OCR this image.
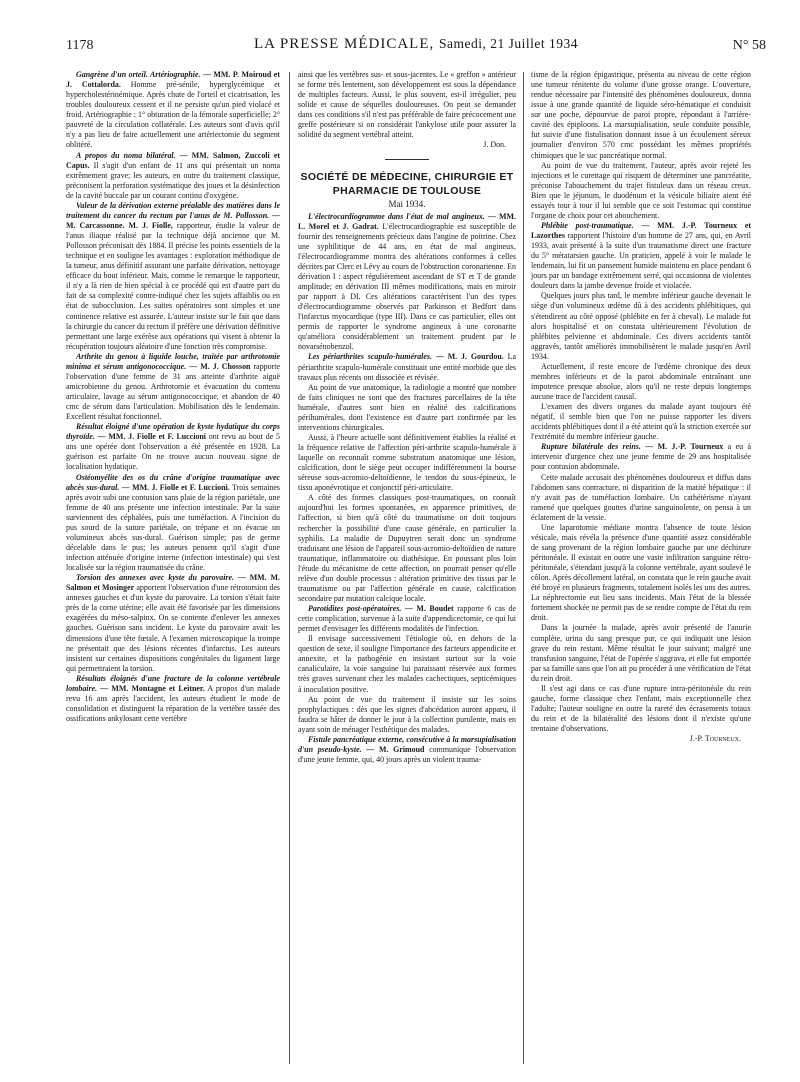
1178	LA PRESSE MÉDICALE, Samedi, 21 Juillet 1934	N° 58

Gangrène d'un orteil. Artériographie. — MM. P. Moiroud et J. Cottalorda. Homme pré-sénile, hyperglycémique et hypercholestérinémique. Après chute de l'orteil et cicatrisation, les troubles douloureux cessent et il ne persiste qu'un pied violacé et froid. Artériographie : 1° obturation de la fémorale superficielle; 2° pauvreté de la circulation collatérale. Les auteurs sont d'avis qu'il n'y a pas lieu de faire actuellement une artériectomie du segment oblitéré.

A propos du noma bilatéral. — MM. Salmon, Zuccoli et Capus. Il s'agit d'un enfant de 11 ans qui présentait un noma extrêmement grave; les auteurs, en outre du traitement classique, préconisent la perforation systématique des joues et la désinfection de la cavité buccale par un courant continu d'oxygène.

Valeur de la dérivation externe préalable des matières dans le traitement du cancer du rectum par l'anus de M. Pollosson. — M. Carcassonne. M. J. Fiolle, rapporteur, étudie la valeur de l'anus iliaque réalisé par la technique déjà ancienne que M. Pollosson préconisait dès 1884. Il précise les points essentiels de la technique et en souligne les avantages : exploration méthodique de la tumeur, anus définitif assurant une parfaite dérivation, nettoyage efficace du bout inférieur. Mais, comme le remarque le rapporteur, il n'y a là rien de bien spécial à ce procédé qui est d'autre part du fait de sa complexité contre-indiqué chez les sujets affaiblis ou en état de subocclusion. Les suites opératoires sont simples et une continence relative est assurée. L'auteur insiste sur le fait que dans la chirurgie du cancer du rectum il préfère une dérivation définitive permettant une large exérèse aux opérations qui visent à obtenir la récupération toujours aléatoire d'une fonction très compromise.

Arthrite du genou à liquide louche, traitée par arthrotomie minima et sérum antigonococcique. — M. J. Chosson rapporte l'observation d'une femme de 31 ans atteinte d'arthrite aiguë amicrobienne du genou. Arthrotomie et évacuation du contenu articulaire, lavage au sérum antigonococcique, et abandon de 40 cmc de sérum dans l'articulation. Mobilisation dès le lendemain. Excellent résultat fonctionnel.

Résultat éloigné d'une opération de kyste hydatique du corps thyroïde. — MM. J. Fiolle et F. Luccioni ont revu au bout de 5 ans une opérée dont l'observation a été présentée en 1928. La guérison est parfaite On ne trouve aucun nouveau signe de localisation hydatique.

Ostéomyélite des os du crâne d'origine traumatique avec abcès sus-dural. — MM. J. Fiolle et F. Luccioni. Trois semaines après avoir subi une contusion sans plaie de la région pariétale, une femme de 40 ans présente une infection intestinale. Par la suite surviennent des céphalées, puis une tuméfaction. A l'incision du pus sourd de la suture pariétale, on trépane et on évacue un volumineux abcès sus-dural. Guérison simple; pas de germe décelable dans le pus; les auteurs pensent qu'il s'agit d'une infection atténuée d'origine interne (infection intestinale) qui s'est localisée sur la région traumatisée du crâne.

Torsion des annexes avec kyste du parovaire. — MM. M. Salmon et Mosinger apportent l'observation d'une rétrotorsion des annexes gauches et d'un kyste du parovaire. La torsion s'était faite près de la corne utérine; elle avait été favorisée par les dimensions exagérées du méso-salpinx. On se contente d'enlever les annexes gauches. Guérison sans incident. Le kyste du parovaire avait les dimensions d'une tête fœtale. A l'examen microscopique la trompe ne présentait que des lésions récentes d'infarctus. Les auteurs insistent sur certaines dispositions congénitales du ligament large qui permettraient la torsion.

Résultats éloignés d'une fracture de la colonne vertébrale lombaire. — MM. Montagne et Leitner. A propos d'un malade revu 16 ans après l'accident, les auteurs étudient le mode de consolidation et distinguent la réparation de la vertèbre tassée des ossifications ankylosant cette vertèbre

ainsi que les vertèbres sus- et sous-jacentes. Le « greffon » antérieur se forme très lentement, son développement est sous la dépendance de multiples facteurs. Aussi, le plus souvent, est-il irrégulier, peu solide et cause de séquelles douloureuses. On peut se demander dans ces conditions s'il n'est pas préférable de faire précocement une greffe postérieure si on considérait l'ankylose utile pour assurer la solidité du segment vertébral atteint.

J. Don.

SOCIÉTÉ DE MÉDECINE, CHIRURGIE ET PHARMACIE DE TOULOUSE
Mai 1934.

L'électrocardiogramme dans l'état de mal angineux. — MM. L. Morel et J. Gadrat. L'électrocardiographie est susceptible de fournir des renseignements précieux dans l'angine de poitrine. Chez une syphilitique de 44 ans, en état de mal angineux, l'électrocardiogramme montra des altérations conformes à celles décrites par Clerc et Lévy au cours de l'obstruction coronarienne. En dérivation I : aspect régulièrement ascendant de ST et T de grande amplitude; en dérivation III mêmes modifications, mais en miroir par rapport à DI. Ces altérations caractérisent l'un des types d'électrocardiogramme observés par Parkinson et Bedfort dans l'infarctus myocardique (type III). Dans ce cas particulier, elles ont permis de rapporter le syndrome angineux à une coronarite qu'améliora considérablement un traitement prudent par le novarsénobenzol.

Les périarthrites scapulo-humérales. — M. J. Gourdou. La périarthrite scapulo-humérale constituait une entité morbide que des travaux plus récents ont dissociée et révisée.

Au point de vue anatomique, la radiologie a montré que nombre de faits cliniques ne sont que des fractures parcellaires de la tête humérale, d'autres sont bien en réalité des calcifications périhumérales, dont l'existence est d'autre part confirmée par les interventions chirurgicales.

Aussi, à l'heure actuelle sont définitivement établies la réalité et la fréquence relative de l'affection péri-arthrite scapulo-humérale à laquelle on reconnaît comme substratum anatomique une lésion, calcification, dont le siège peut occuper indifféremment la bourse séreuse sous-acromio-deltoïdienne, le tendon du sous-épineux, le tissu aponévrotique et conjonctif péri-articulaire.

A côté des formes classiques post-traumatiques, on connaît aujourd'hui les formes spontanées, en apparence primitives, de l'affection, si bien qu'à côté du traumatisme on doit toujours rechercher la possibilité d'une cause générale, en particulier la syphilis. La maladie de Dupuytren serait donc un syndrome traduisant une lésion de l'appareil sous-acromio-deltoïdien de nature traumatique, inflammatoire ou diathésique. En poussant plus loin l'étude du mécanisme de cette affection, on pourrait penser qu'elle relève d'un double processus : altération primitive des tissus par le traumatisme ou par l'affection générale en cause, calcification secondaire par mutation calcique locale.

Parotidites post-opératoires. — M. Boudet rapporte 6 cas de cette complication, survenue à la suite d'appendicectomie, ce qui lui permet d'envisager les différents modalités de l'infection.

Il envisage successivement l'étiologie où, en dehors de la question de sexe, il souligne l'importance des facteurs appendicite et annexite, et la pathogénie en insistant surtout sur la voie canaliculaire, la voie sanguine lui paraissant réservée aux formes très graves survenant chez les malades cachectiques, septicémiques à inoculation positive.

Au point de vue du traitement il insiste sur les soins prophylactiques : dès que les signes d'abcédation auront apparu, il faudra se hâter de donner le jour à la collection purulente, mais en ayant soin de ménager l'esthétique des malades.

Fistule pancréatique externe, consécutive à la marsupialisation d'un pseudo-kyste. — M. Grimoud communique l'observation d'une jeune femme, qui, 40 jours après un violent trauma-

tisme de la région épigastrique, présenta au niveau de cette région une tumeur rénitente du volume d'une grosse orange. L'ouverture, rendue nécessaire par l'intensité des phénomènes douloureux, donna issue à une grande quantité de liquide séro-hématique et conduisit sur une poche, dépourvue de paroi propre, répondant à l'arrière-cavité des épiploons. La marsupialisation, seule conduite possible, fut suivie d'une fistulisation donnant issue à un écoulement séreux journalier d'environ 570 cmc possédant les mêmes propriétés chimiques que le suc pancréatique normal.

Au point de vue du traitement, l'auteur, après avoir rejeté les injections et le curettage qui risquent de déterminer une pancréatite, préconise l'abouchement du trajet fistuleux dans un réseau creux. Bien que le jéjunum, le duodénum et la vésicule biliaire aient été essayés tour à tour il lui semble que ce soit l'estomac qui constitue l'organe de choix pour cet abouchement.

Phlébite post-traumatique. — MM. J.-P. Tourneux et Lazorthes rapportent l'histoire d'un homme de 27 ans, qui, en Avril 1933, avait présenté à la suite d'un traumatisme direct une fracture du 5° métatarsien gauche. Un praticien, appelé à voir le malade le lendemain, lui fit un pansement humide maintenu en place pendant 6 jours par un bandage extrêmement serré, qui occasionna de violentes douleurs dans la jambe devenue froide et violacée.

Quelques jours plus tard, le membre inférieur gauche devenait le siège d'un volumineux œdème dû à des accidents phlébitiques, qui s'étendirent au côté opposé (phlébite en fer à cheval). Le malade fut alors hospitalisé et on constata ultérieurement l'évolution de phlébites pelvienne et abdominale. Ces divers accidents tantôt aggravés, tantôt améliorés immobilisèrent le malade jusqu'en Avril 1934.

Actuellement, il reste encore de l'œdème chronique des deux membres inférieurs et de la paroi abdominale entraînant une impotence presque absolue, alors qu'il ne reste depuis longtemps aucune trace de l'accident causal.

L'examen des divers organes du malade ayant toujours été négatif, il semble bien que l'on ne puisse rapporter les divers accidents phlébitiques dont il a été atteint qu'à la striction exercée sur l'extrémité du membre inférieur gauche.

Rupture bilatérale des reins. — M. J.-P. Tourneux a eu à intervenir d'urgence chez une jeune femme de 29 ans hospitalisée pour contusion abdominale.

Cette malade accusait des phénomènes douloureux et diffus dans l'abdomen sans contracture, ni disparition de la matité hépatique : il n'y avait pas de tuméfaction lombaire. Un cathétérisme n'ayant ramené que quelques gouttes d'urine sanguinolente, on pensa à un éclatement de la vessie.

Une laparotomie médiane montra l'absence de toute lésion vésicale, mais révéla la présence d'une quantité assez considérable de sang provenant de la région lombaire gauche par une déchirure péritonéale. Il existait en outre une vaste infiltration sanguine rétro-péritonéale, s'étendant jusqu'à la colonne vertébrale, ayant soulevé le côlon. Après décollement latéral, on constata que le rein gauche avait été broyé en plusieurs fragments, totalement isolés les uns des autres. La néphrectomie eut lieu sans incidents. Mais l'état de la blessée fortement shockée ne permit pas de se rendre compte de l'état du rein droit.

Dans la journée la malade, après avoir présenté de l'anurie complète, urina du sang presque pur, ce qui indiquait une lésion grave du rein restant. Même résultat le jour suivant; malgré une transfusion sanguine, l'état de l'opérée s'aggrava, et elle fut emportée par sa famille sans que l'on ait pu procéder à une vérification de l'état du rein droit.

Il s'est agi dans ce cas d'une rupture intra-péritonéale du rein gauche, forme classique chez l'enfant, mais exceptionnelle chez l'adulte; l'auteur souligne en outre la rareté des écrasements totaux du rein et de la bilatéralité des lésions dont il n'existe qu'une trentaine d'observations.

J.-P. Tourneux.
